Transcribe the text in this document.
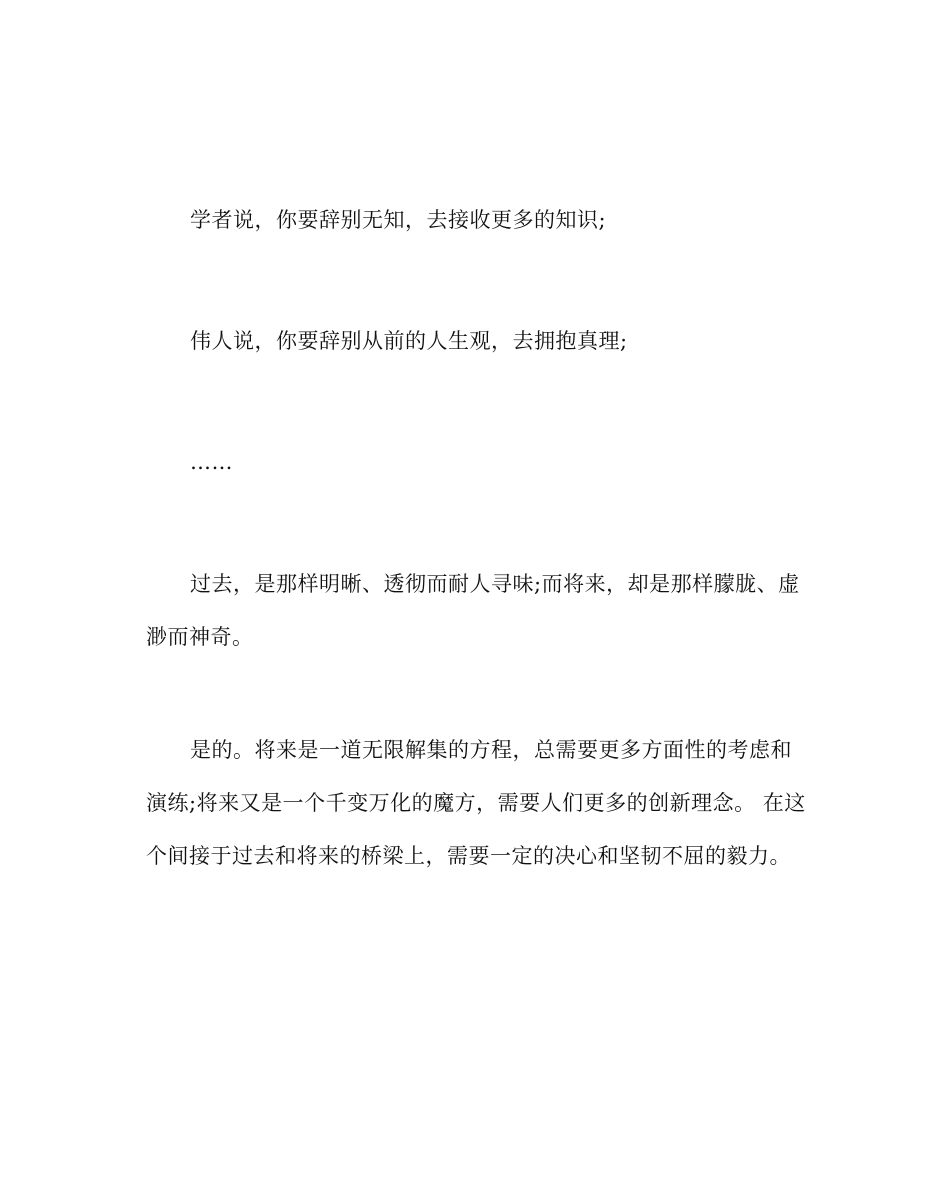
学者说，你要辞别无知，去接收更多的知识;

伟人说，你要辞别从前的人生观，去拥抱真理;

……

过去，是那样明晰、透彻而耐人寻味;而将来，却是那样朦胧、虚渺而神奇。

是的。将来是一道无限解集的方程，总需要更多方面性的考虑和演练;将来又是一个千变万化的魔方，需要人们更多的创新理念。 在这个间接于过去和将来的桥梁上，需要一定的决心和坚韧不屈的毅力。
